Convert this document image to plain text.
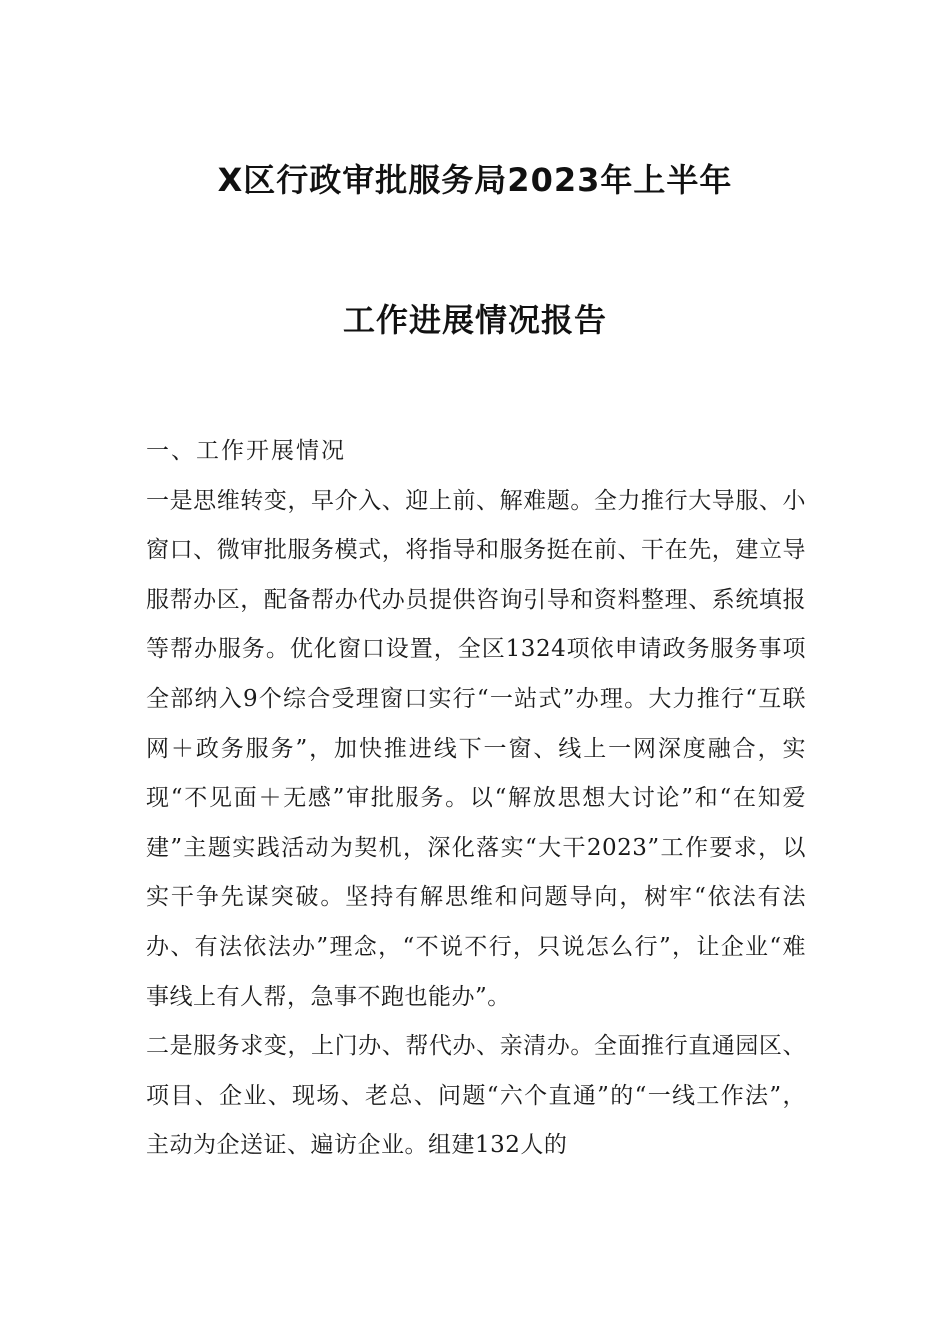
X区行政审批服务局2023年上半年
工作进展情况报告

一、工作开展情况

一是思维转变，早介入、迎上前、解难题。全力推行大导服、小窗口、微审批服务模式，将指导和服务挺在前、干在先，建立导服帮办区，配备帮办代办员提供咨询引导和资料整理、系统填报等帮办服务。优化窗口设置，全区1324项依申请政务服务事项全部纳入9个综合受理窗口实行“一站式”办理。大力推行“互联网＋政务服务”，加快推进线下一窗、线上一网深度融合，实现“不见面＋无感”审批服务。以“解放思想大讨论”和“在知爱建”主题实践活动为契机，深化落实“大干2023”工作要求，以实干争先谋突破。坚持有解思维和问题导向，树牢“依法有法办、有法依法办”理念，“不说不行，只说怎么行”，让企业“难事线上有人帮，急事不跑也能办”。

二是服务求变，上门办、帮代办、亲清办。全面推行直通园区、项目、企业、现场、老总、问题“六个直通”的“一线工作法”，主动为企送证、遍访企业。组建132人的
